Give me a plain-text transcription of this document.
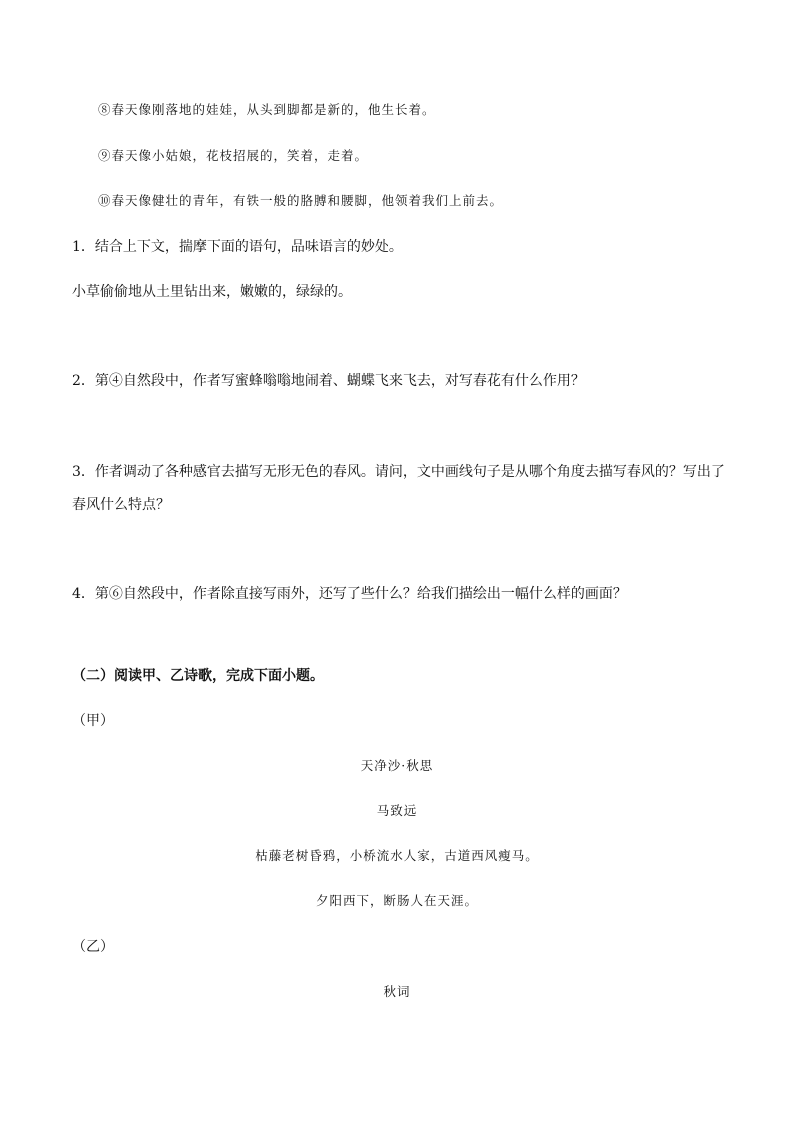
⑧春天像刚落地的娃娃，从头到脚都是新的，他生长着。
⑨春天像小姑娘，花枝招展的，笑着，走着。
⑩春天像健壮的青年，有铁一般的胳膊和腰脚，他领着我们上前去。
1．结合上下文，揣摩下面的语句，品味语言的妙处。
小草偷偷地从土里钻出来，嫩嫩的，绿绿的。
2．第④自然段中，作者写蜜蜂嗡嗡地闹着、蝴蝶飞来飞去，对写春花有什么作用？
3．作者调动了各种感官去描写无形无色的春风。请问，文中画线句子是从哪个角度去描写春风的？写出了
春风什么特点？
4．第⑥自然段中，作者除直接写雨外，还写了些什么？给我们描绘出一幅什么样的画面？
（二）阅读甲、乙诗歌，完成下面小题。
（甲）
天净沙·秋思
马致远
枯藤老树昏鸦，小桥流水人家，古道西风瘦马。
夕阳西下，断肠人在天涯。
（乙）
秋词
